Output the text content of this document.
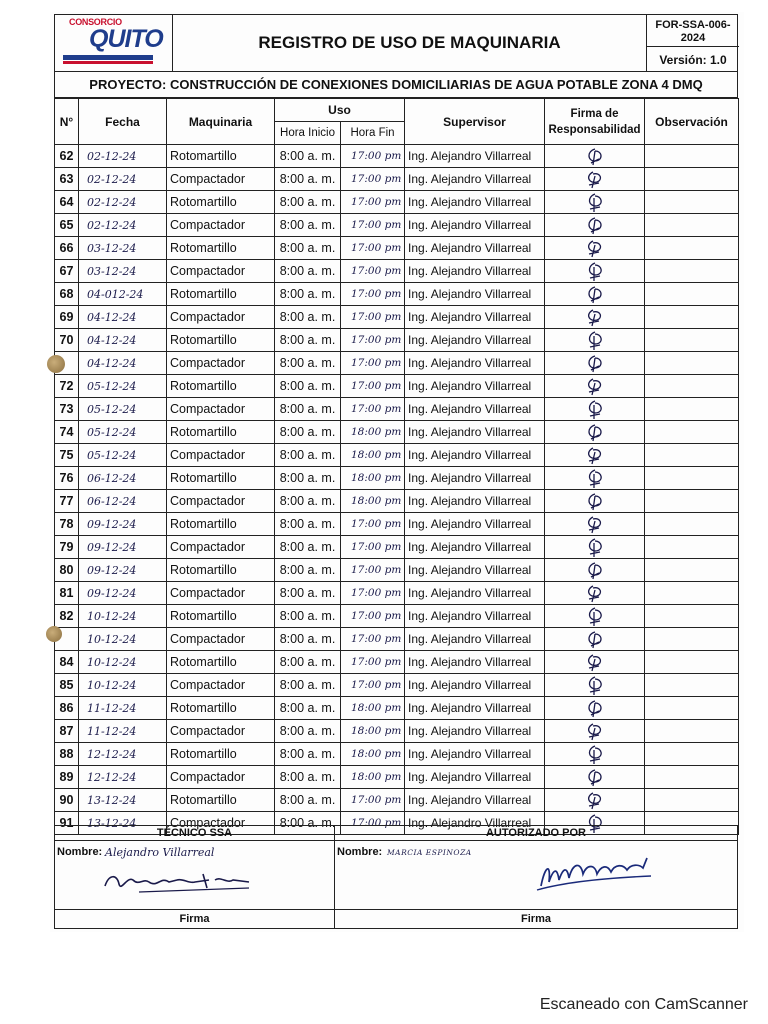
CONSORCIO
QUITO	REGISTRO DE USO DE MAQUINARIA
FOR-SSA-006-
2024
Versión: 1.0
PROYECTO: CONSTRUCCIÓN DE CONEXIONES DOMICILIARIAS DE AGUA POTABLE ZONA 4 DMQ
N°	Fecha	Maquinaria	Uso		Supervisor	Firma de Responsabilidad	Observación
			Hora Inicio	Hora Fin			
62	02-12-24	Rotomartillo	8:00 a. m.	17:00 pm	Ing. Alejandro Villarreal	

63	02-12-24	Compactador	8:00 a. m.	17:00 pm	Ing. Alejandro Villarreal	

64	02-12-24	Rotomartillo	8:00 a. m.	17:00 pm	Ing. Alejandro Villarreal	

65	02-12-24	Compactador	8:00 a. m.	17:00 pm	Ing. Alejandro Villarreal	

66	03-12-24	Rotomartillo	8:00 a. m.	17:00 pm	Ing. Alejandro Villarreal	

67	03-12-24	Compactador	8:00 a. m.	17:00 pm	Ing. Alejandro Villarreal	

68	04-012-24	Rotomartillo	8:00 a. m.	17:00 pm	Ing. Alejandro Villarreal	

69	04-12-24	Compactador	8:00 a. m.	17:00 pm	Ing. Alejandro Villarreal	

70	04-12-24	Rotomartillo	8:00 a. m.	17:00 pm	Ing. Alejandro Villarreal	

	04-12-24	Compactador	8:00 a. m.	17:00 pm	Ing. Alejandro Villarreal	

72	05-12-24	Rotomartillo	8:00 a. m.	17:00 pm	Ing. Alejandro Villarreal	

73	05-12-24	Compactador	8:00 a. m.	17:00 pm	Ing. Alejandro Villarreal	

74	05-12-24	Rotomartillo	8:00 a. m.	18:00 pm	Ing. Alejandro Villarreal	

75	05-12-24	Compactador	8:00 a. m.	18:00 pm	Ing. Alejandro Villarreal	

76	06-12-24	Rotomartillo	8:00 a. m.	18:00 pm	Ing. Alejandro Villarreal	

77	06-12-24	Compactador	8:00 a. m.	18:00 pm	Ing. Alejandro Villarreal	

78	09-12-24	Rotomartillo	8:00 a. m.	17:00 pm	Ing. Alejandro Villarreal	

79	09-12-24	Compactador	8:00 a. m.	17:00 pm	Ing. Alejandro Villarreal	

80	09-12-24	Rotomartillo	8:00 a. m.	17:00 pm	Ing. Alejandro Villarreal	

81	09-12-24	Compactador	8:00 a. m.	17:00 pm	Ing. Alejandro Villarreal	

82	10-12-24	Rotomartillo	8:00 a. m.	17:00 pm	Ing. Alejandro Villarreal	

	10-12-24	Compactador	8:00 a. m.	17:00 pm	Ing. Alejandro Villarreal	

84	10-12-24	Rotomartillo	8:00 a. m.	17:00 pm	Ing. Alejandro Villarreal	

85	10-12-24	Compactador	8:00 a. m.	17:00 pm	Ing. Alejandro Villarreal	

86	11-12-24	Rotomartillo	8:00 a. m.	18:00 pm	Ing. Alejandro Villarreal	

87	11-12-24	Compactador	8:00 a. m.	18:00 pm	Ing. Alejandro Villarreal	

88	12-12-24	Rotomartillo	8:00 a. m.	18:00 pm	Ing. Alejandro Villarreal	

89	12-12-24	Compactador	8:00 a. m.	18:00 pm	Ing. Alejandro Villarreal	

90	13-12-24	Rotomartillo	8:00 a. m.	17:00 pm	Ing. Alejandro Villarreal	

91	13-12-24	Compactador	8:00 a. m.	17:00 pm	Ing. Alejandro Villarreal	

TÉCNICO SSA
Nombre: Alejandro Villarreal
Firma
AUTORIZADO POR
Nombre: MARCIA ESPINOZA
Firma
Escaneado con CamScanner
